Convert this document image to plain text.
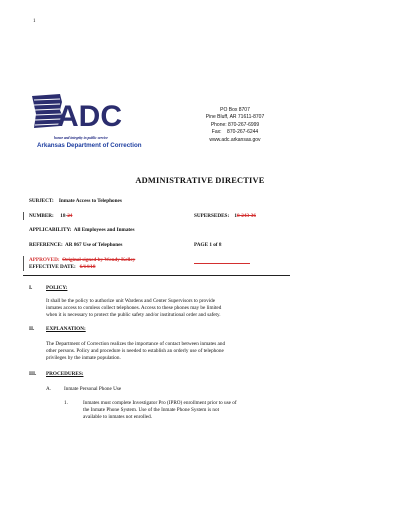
1
ADC
honor and integrity in public service
Arkansas Department of Correction
PO Box 8707
Pine Bluff, AR 71611-8707
Phone: 870-267-6999
Fax:    870-267-6244
www.adc.arkansas.gov
ADMINISTRATIVE DIRECTIVE
SUBJECT: Inmate Access to Telephones
NUMBER: 18-24	SUPERSEDES: 18-243-36
APPLICABILITY: All Employees and Inmates
REFERENCE: AR 867 Use of Telephones	PAGE 1 of 8
APPROVED: Original signed by Wendy Kelley
EFFECTIVE DATE: 6/14/18
I.	POLICY:
It shall be the policy to authorize unit Wardens and Center Supervisors to provide
inmates access to comless collect telephones. Access to these phones may be limited
when it is necessary to protect the public safety and/or institutional order and safety.
II. EXPLANATION:
The Department of Correction realizes the importance of contact between inmates and
other persons. Policy and procedure is needed to establish an orderly use of telephone
privileges by the inmate population.
III. PROCEDURES:
A. Inmate Personal Phone Use
1.	Inmates must complete Investigator Pro (IPRO) enrollment prior to use of
the Inmate Phone System. Use of the Inmate Phone System is not
available to inmates not enrolled.
